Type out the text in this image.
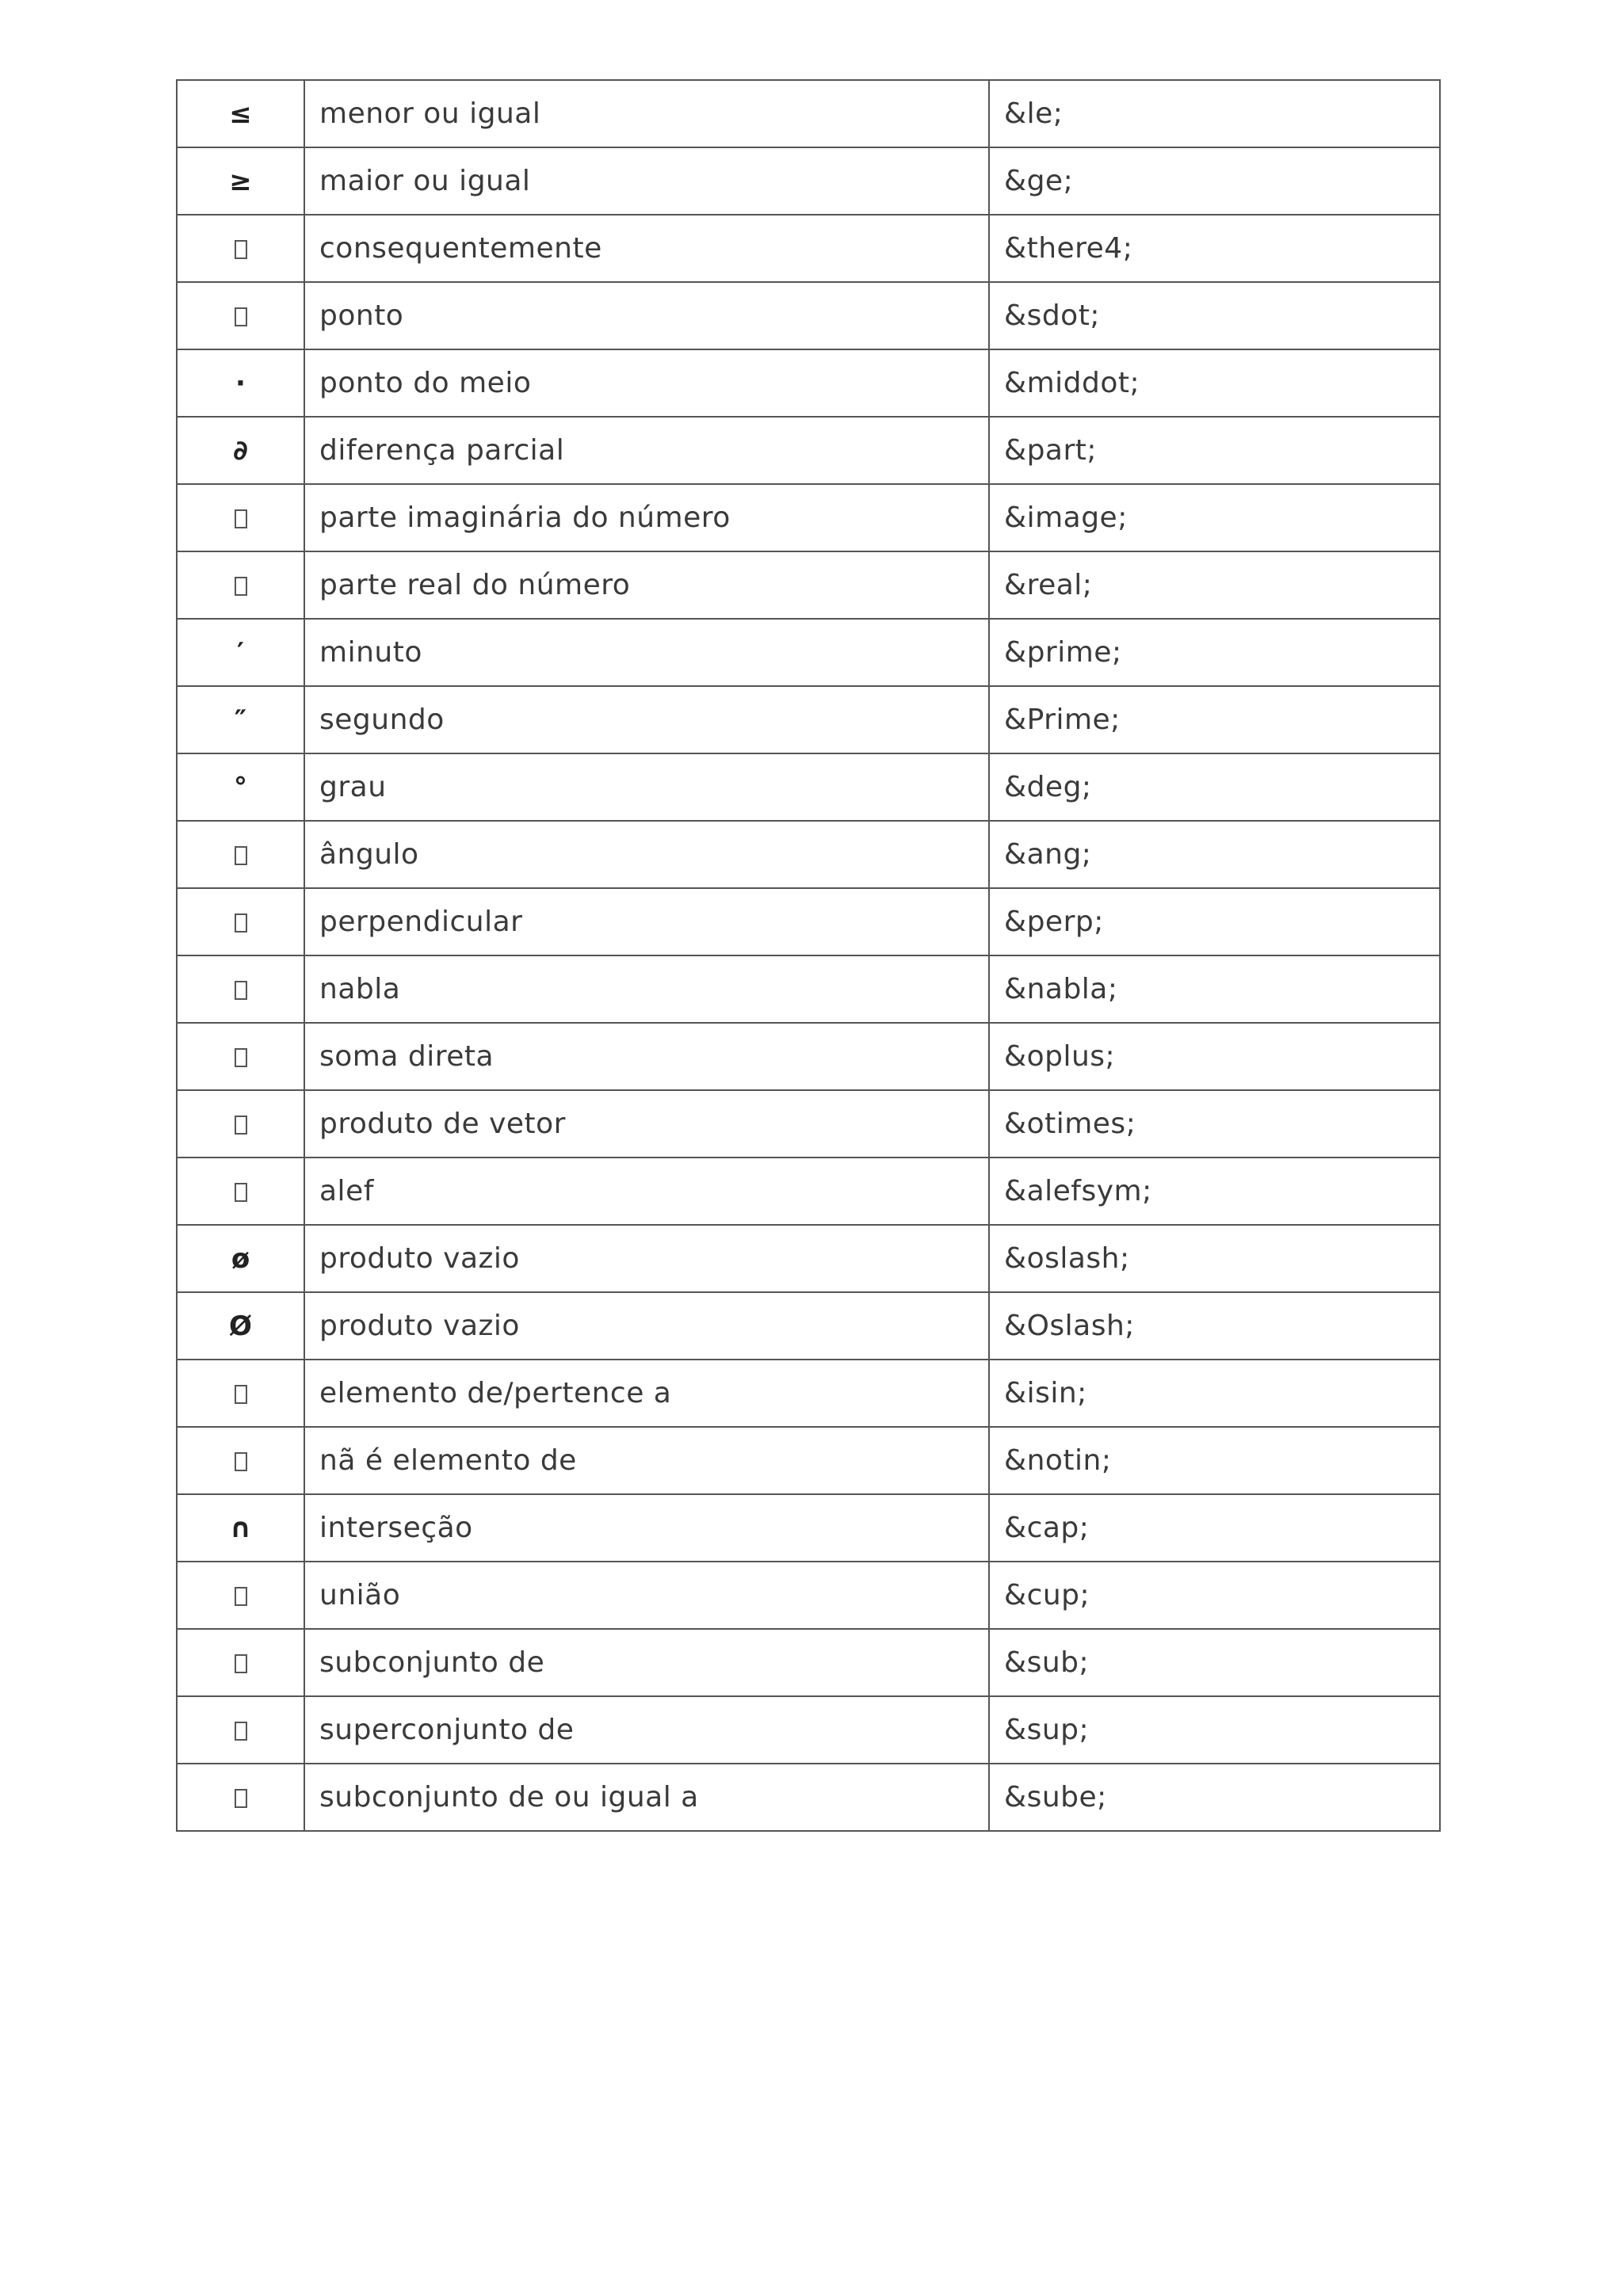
≤	menor ou igual	&le;
≥	maior ou igual	&ge;
	consequentemente	&there4;
	ponto	&sdot;
·	ponto do meio	&middot;
∂	diferença parcial	&part;
	parte imaginária do número	&image;
	parte real do número	&real;
′	minuto	&prime;
″	segundo	&Prime;
°	grau	&deg;
	ângulo	&ang;
	perpendicular	&perp;
	nabla	&nabla;
	soma direta	&oplus;
	produto de vetor	&otimes;
	alef	&alefsym;
ø	produto vazio	&oslash;
Ø	produto vazio	&Oslash;
	elemento de/pertence a	&isin;
	nã é elemento de	&notin;
∩	interseção	&cap;
	união	&cup;
	subconjunto de	&sub;
	superconjunto de	&sup;
	subconjunto de ou igual a	&sube;
